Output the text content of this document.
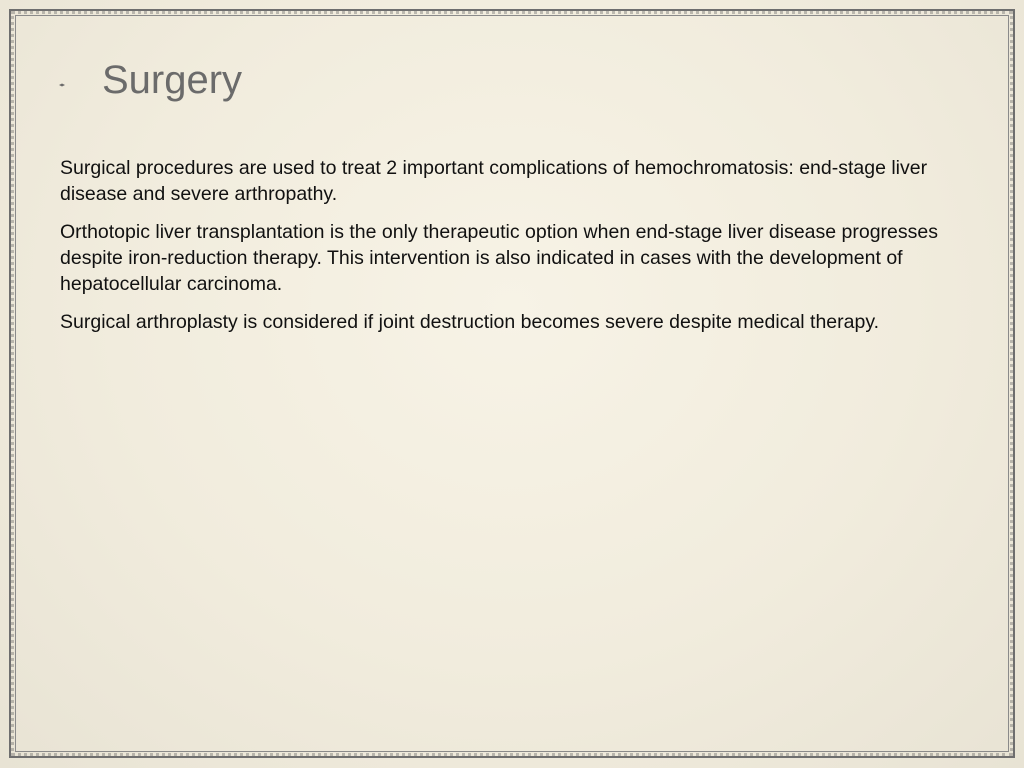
Surgery

Surgical procedures are used to treat 2 important complications of hemochromatosis: end-stage liver disease and severe arthropathy.

Orthotopic liver transplantation is the only therapeutic option when end-stage liver disease progresses despite iron-reduction therapy. This intervention is also indicated in cases with the development of hepatocellular carcinoma.

Surgical arthroplasty is considered if joint destruction becomes severe despite medical therapy.
